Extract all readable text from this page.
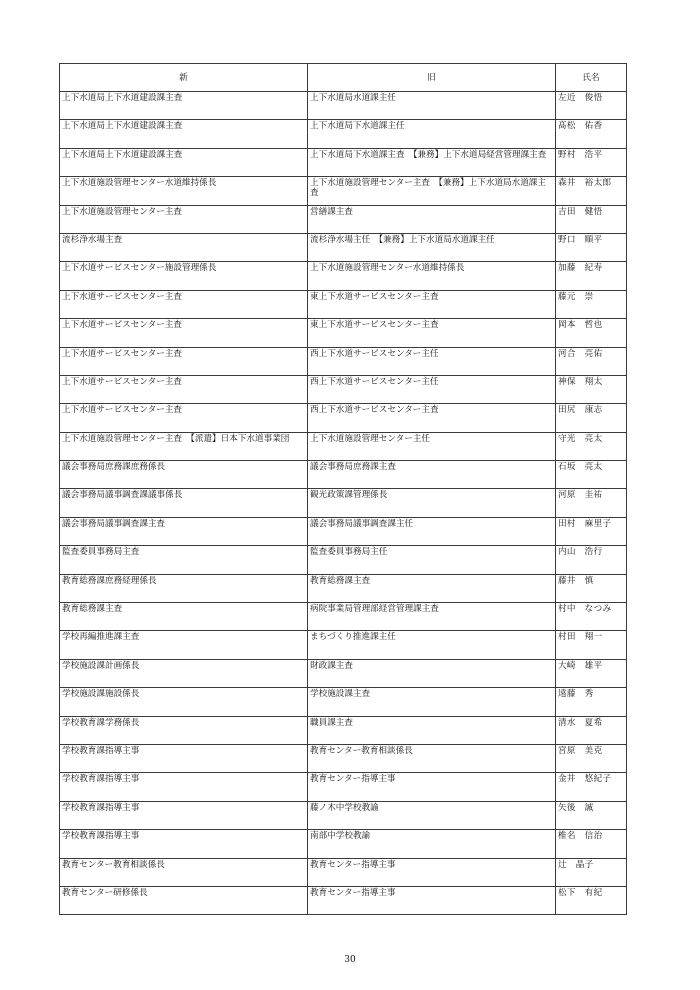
新	旧	氏名

上下水道局上下水道建設課主査	上下水道局水道課主任	左近　俊悟

上下水道局上下水道建設課主査	上下水道局下水道課主任	髙松　佑香

上下水道局上下水道建設課主査	上下水道局下水道課主査　【兼務】上下水道局経営管理課主査	野村　浩平

上下水道施設管理センター水道維持係長	上下水道施設管理センター主査　【兼務】上下水道局水道課主査	森井　裕太郎

上下水道施設管理センター主査	営繕課主査	吉田　健悟

流杉浄水場主査	流杉浄水場主任　【兼務】上下水道局水道課主任	野口　順平

上下水道サービスセンター施設管理係長	上下水道施設管理センター水道維持係長	加藤　紀寿

上下水道サービスセンター主査	東上下水道サービスセンター主査	藤元　崇

上下水道サービスセンター主査	東上下水道サービスセンター主査	岡本　哲也

上下水道サービスセンター主査	西上下水道サービスセンター主任	河合　亮佑

上下水道サービスセンター主査	西上下水道サービスセンター主任	神保　翔太

上下水道サービスセンター主査	西上下水道サービスセンター主査	田尻　康志

上下水道施設管理センター主査　【派遣】日本下水道事業団	上下水道施設管理センター主任	守光　亮太

議会事務局庶務課庶務係長	議会事務局庶務課主査	石坂　亮太

議会事務局議事調査課議事係長	観光政策課管理係長	河原　圭祐

議会事務局議事調査課主査	議会事務局議事調査課主任	田村　麻里子

監査委員事務局主査	監査委員事務局主任	内山　浩行

教育総務課庶務経理係長	教育総務課主査	藤井　慎

教育総務課主査	病院事業局管理部経営管理課主査	村中　なつみ

学校再編推進課主査	まちづくり推進課主任	村田　翔一

学校施設課計画係長	財政課主査	大崎　雄平

学校施設課施設係長	学校施設課主査	遠藤　秀

学校教育課学務係長	職員課主査	清水　夏希

学校教育課指導主事	教育センター教育相談係長	宮原　美克

学校教育課指導主事	教育センター指導主事	金井　悠紀子

学校教育課指導主事	藤ノ木中学校教諭	矢後　誠

学校教育課指導主事	南部中学校教諭	椎名　信治

教育センター教育相談係長	教育センター指導主事	辻　晶子

教育センター研修係長	教育センター指導主事	松下　有紀
30
